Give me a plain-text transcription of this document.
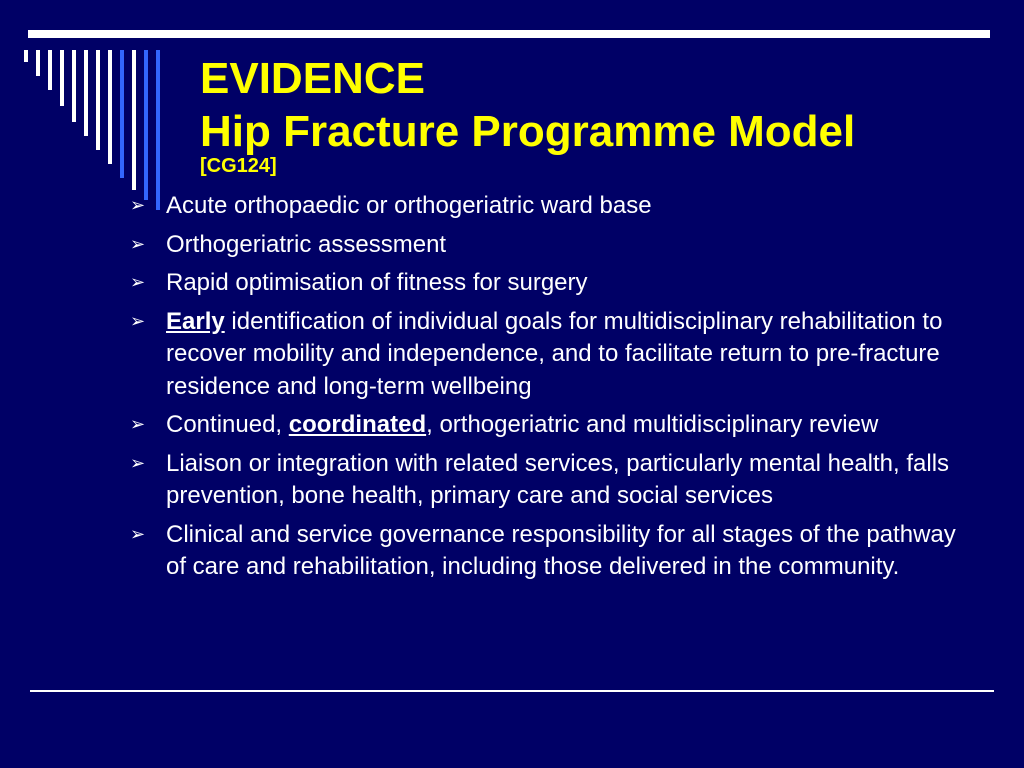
EVIDENCE
Hip Fracture Programme Model
[CG124]
➢ Acute orthopaedic or orthogeriatric ward base
➢ Orthogeriatric assessment
➢ Rapid optimisation of fitness for surgery
➢ Early identification of individual goals for multidisciplinary rehabilitation to recover mobility and independence, and to facilitate return to pre-fracture residence and long-term wellbeing
➢ Continued, coordinated, orthogeriatric and multidisciplinary review
➢ Liaison or integration with related services, particularly mental health, falls prevention, bone health, primary care and social services
➢ Clinical and service governance responsibility for all stages of the pathway of care and rehabilitation, including those delivered in the community.
